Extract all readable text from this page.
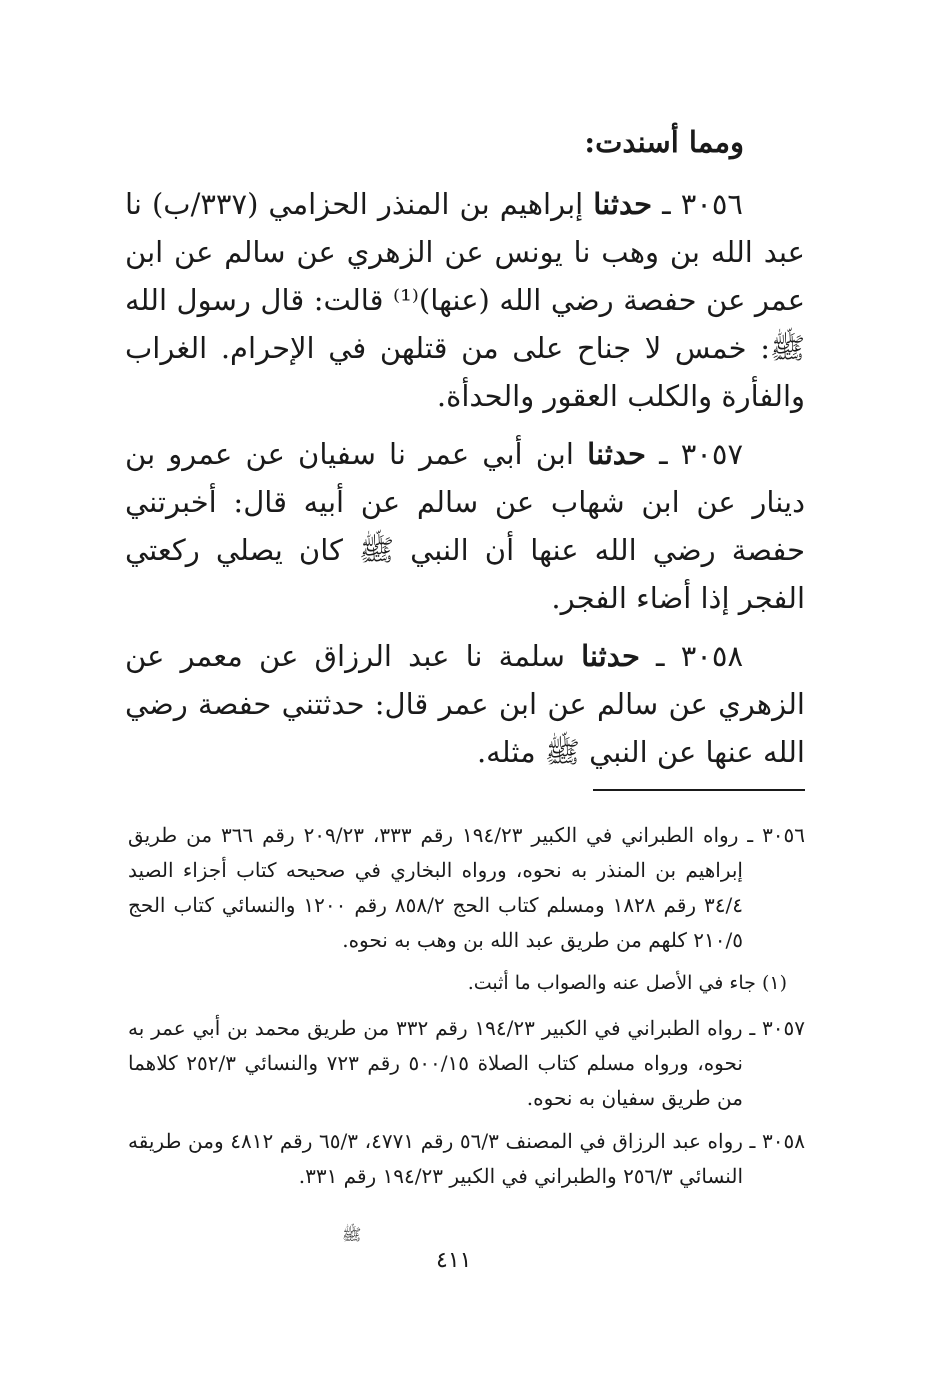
ومما أسندت:

٣٠٥٦ ـ حدثنا إبراهيم بن المنذر الحزامي (٣٣٧/ب) نا عبد الله بن وهب نا يونس عن الزهري عن سالم عن ابن عمر عن حفصة رضي الله (عنها)⁽¹⁾ قالت: قال رسول الله ﷺ: خمس لا جناح على من قتلهن في الإحرام. الغراب والفأرة والكلب العقور والحدأة.

٣٠٥٧ ـ حدثنا ابن أبي عمر نا سفيان عن عمرو بن دينار عن ابن شهاب عن سالم عن أبيه قال: أخبرتني حفصة رضي الله عنها أن النبي ﷺ كان يصلي ركعتي الفجر إذا أضاء الفجر.

٣٠٥٨ ـ حدثنا سلمة نا عبد الرزاق عن معمر عن الزهري عن سالم عن ابن عمر قال: حدثتني حفصة رضي الله عنها عن النبي ﷺ مثله.

٣٠٥٦ ـ رواه الطبراني في الكبير ١٩٤/٢٣ رقم ٣٣٣، ٢٠٩/٢٣ رقم ٣٦٦ من طريق إبراهيم بن المنذر به نحوه، ورواه البخاري في صحيحه كتاب أجزاء الصيد ٣٤/٤ رقم ١٨٢٨ ومسلم كتاب الحج ٨٥٨/٢ رقم ١٢٠٠ والنسائي كتاب الحج ٢١٠/٥ كلهم من طريق عبد الله بن وهب به نحوه.

(١) جاء في الأصل عنه والصواب ما أثبت.

٣٠٥٧ ـ رواه الطبراني في الكبير ١٩٤/٢٣ رقم ٣٣٢ من طريق محمد بن أبي عمر به نحوه، ورواه مسلم كتاب الصلاة ٥٠٠/١٥ رقم ٧٢٣ والنسائي ٢٥٢/٣ كلاهما من طريق سفيان به نحوه.

٣٠٥٨ ـ رواه عبد الرزاق في المصنف ٥٦/٣ رقم ٤٧٧١، ٦٥/٣ رقم ٤٨١٢ ومن طريقه النسائي ٢٥٦/٣ والطبراني في الكبير ١٩٤/٢٣ رقم ٣٣١.

ﷺ
٤١١
